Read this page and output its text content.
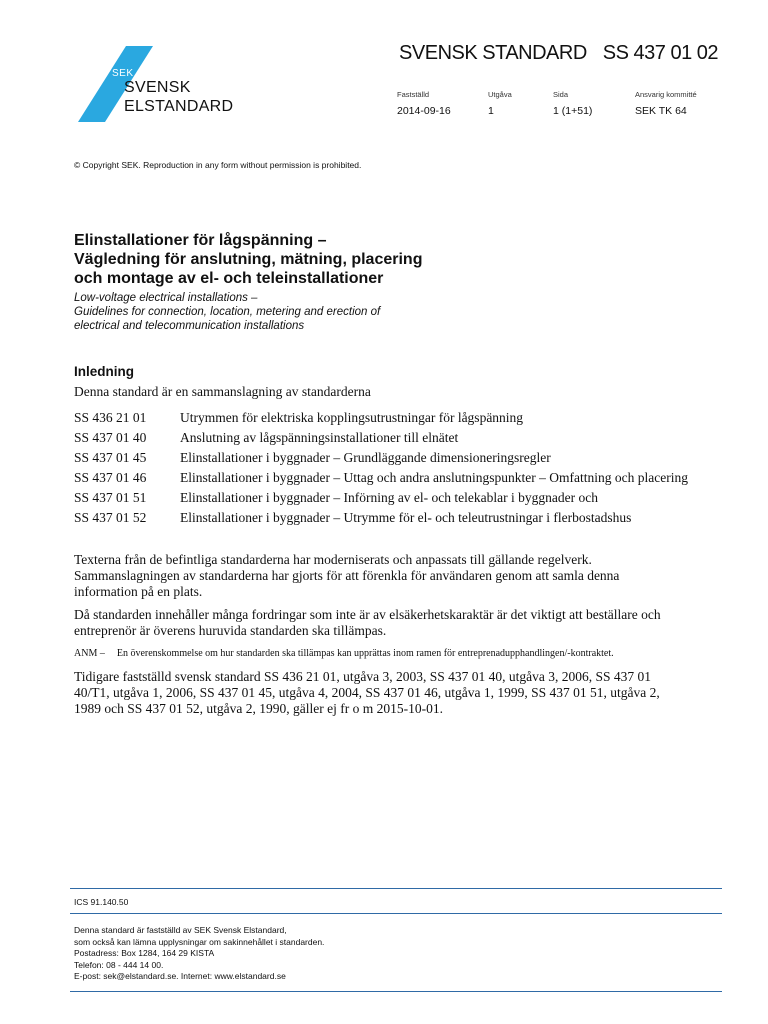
SEK
SVENSK
ELSTANDARD
SVENSK STANDARD SS 437 01 02
Fastställd
2014-09-16
Utgåva
1
Sida
1 (1+51)
Ansvarig kommitté
SEK TK 64
© Copyright SEK. Reproduction in any form without permission is prohibited.

Elinstallationer för lågspänning –
Vägledning för anslutning, mätning, placering
och montage av el- och teleinstallationer

Low-voltage electrical installations –
Guidelines for connection, location, metering and erection of
electrical and telecommunication installations

Inledning
Denna standard är en sammanslagning av standarderna
SS 436 21 01	Utrymmen för elektriska kopplingsutrustningar för lågspänning
SS 437 01 40	Anslutning av lågspänningsinstallationer till elnätet
SS 437 01 45	Elinstallationer i byggnader – Grundläggande dimensioneringsregler
SS 437 01 46	Elinstallationer i byggnader – Uttag och andra anslutningspunkter – Omfattning och placering
SS 437 01 51	Elinstallationer i byggnader – Införning av el- och telekablar i byggnader och
SS 437 01 52	Elinstallationer i byggnader – Utrymme för el- och teleutrustningar i flerbostadshus
Texterna från de befintliga standarderna har moderniserats och anpassats till gällande regelverk. Sammanslagningen av standarderna har gjorts för att förenkla för användaren genom att samla denna information på en plats.
Då standarden innehåller många fordringar som inte är av elsäkerhetskaraktär är det viktigt att beställare och entreprenör är överens huruvida standarden ska tillämpas.
ANM – En överenskommelse om hur standarden ska tillämpas kan upprättas inom ramen för entreprenadupphandlingen/-kontraktet.
Tidigare fastställd svensk standard SS 436 21 01, utgåva 3, 2003, SS 437 01 40, utgåva 3, 2006, SS 437 01 40/T1, utgåva 1, 2006, SS 437 01 45, utgåva 4, 2004, SS 437 01 46, utgåva 1, 1999, SS 437 01 51, utgåva 2, 1989 och SS 437 01 52, utgåva 2, 1990, gäller ej fr o m 2015-10-01.
ICS 91.140.50
Denna standard är fastställd av SEK Svensk Elstandard,
som också kan lämna upplysningar om sakinnehållet i standarden.
Postadress: Box 1284, 164 29 KISTA
Telefon: 08 - 444 14 00.
E-post: sek@elstandard.se. Internet: www.elstandard.se
